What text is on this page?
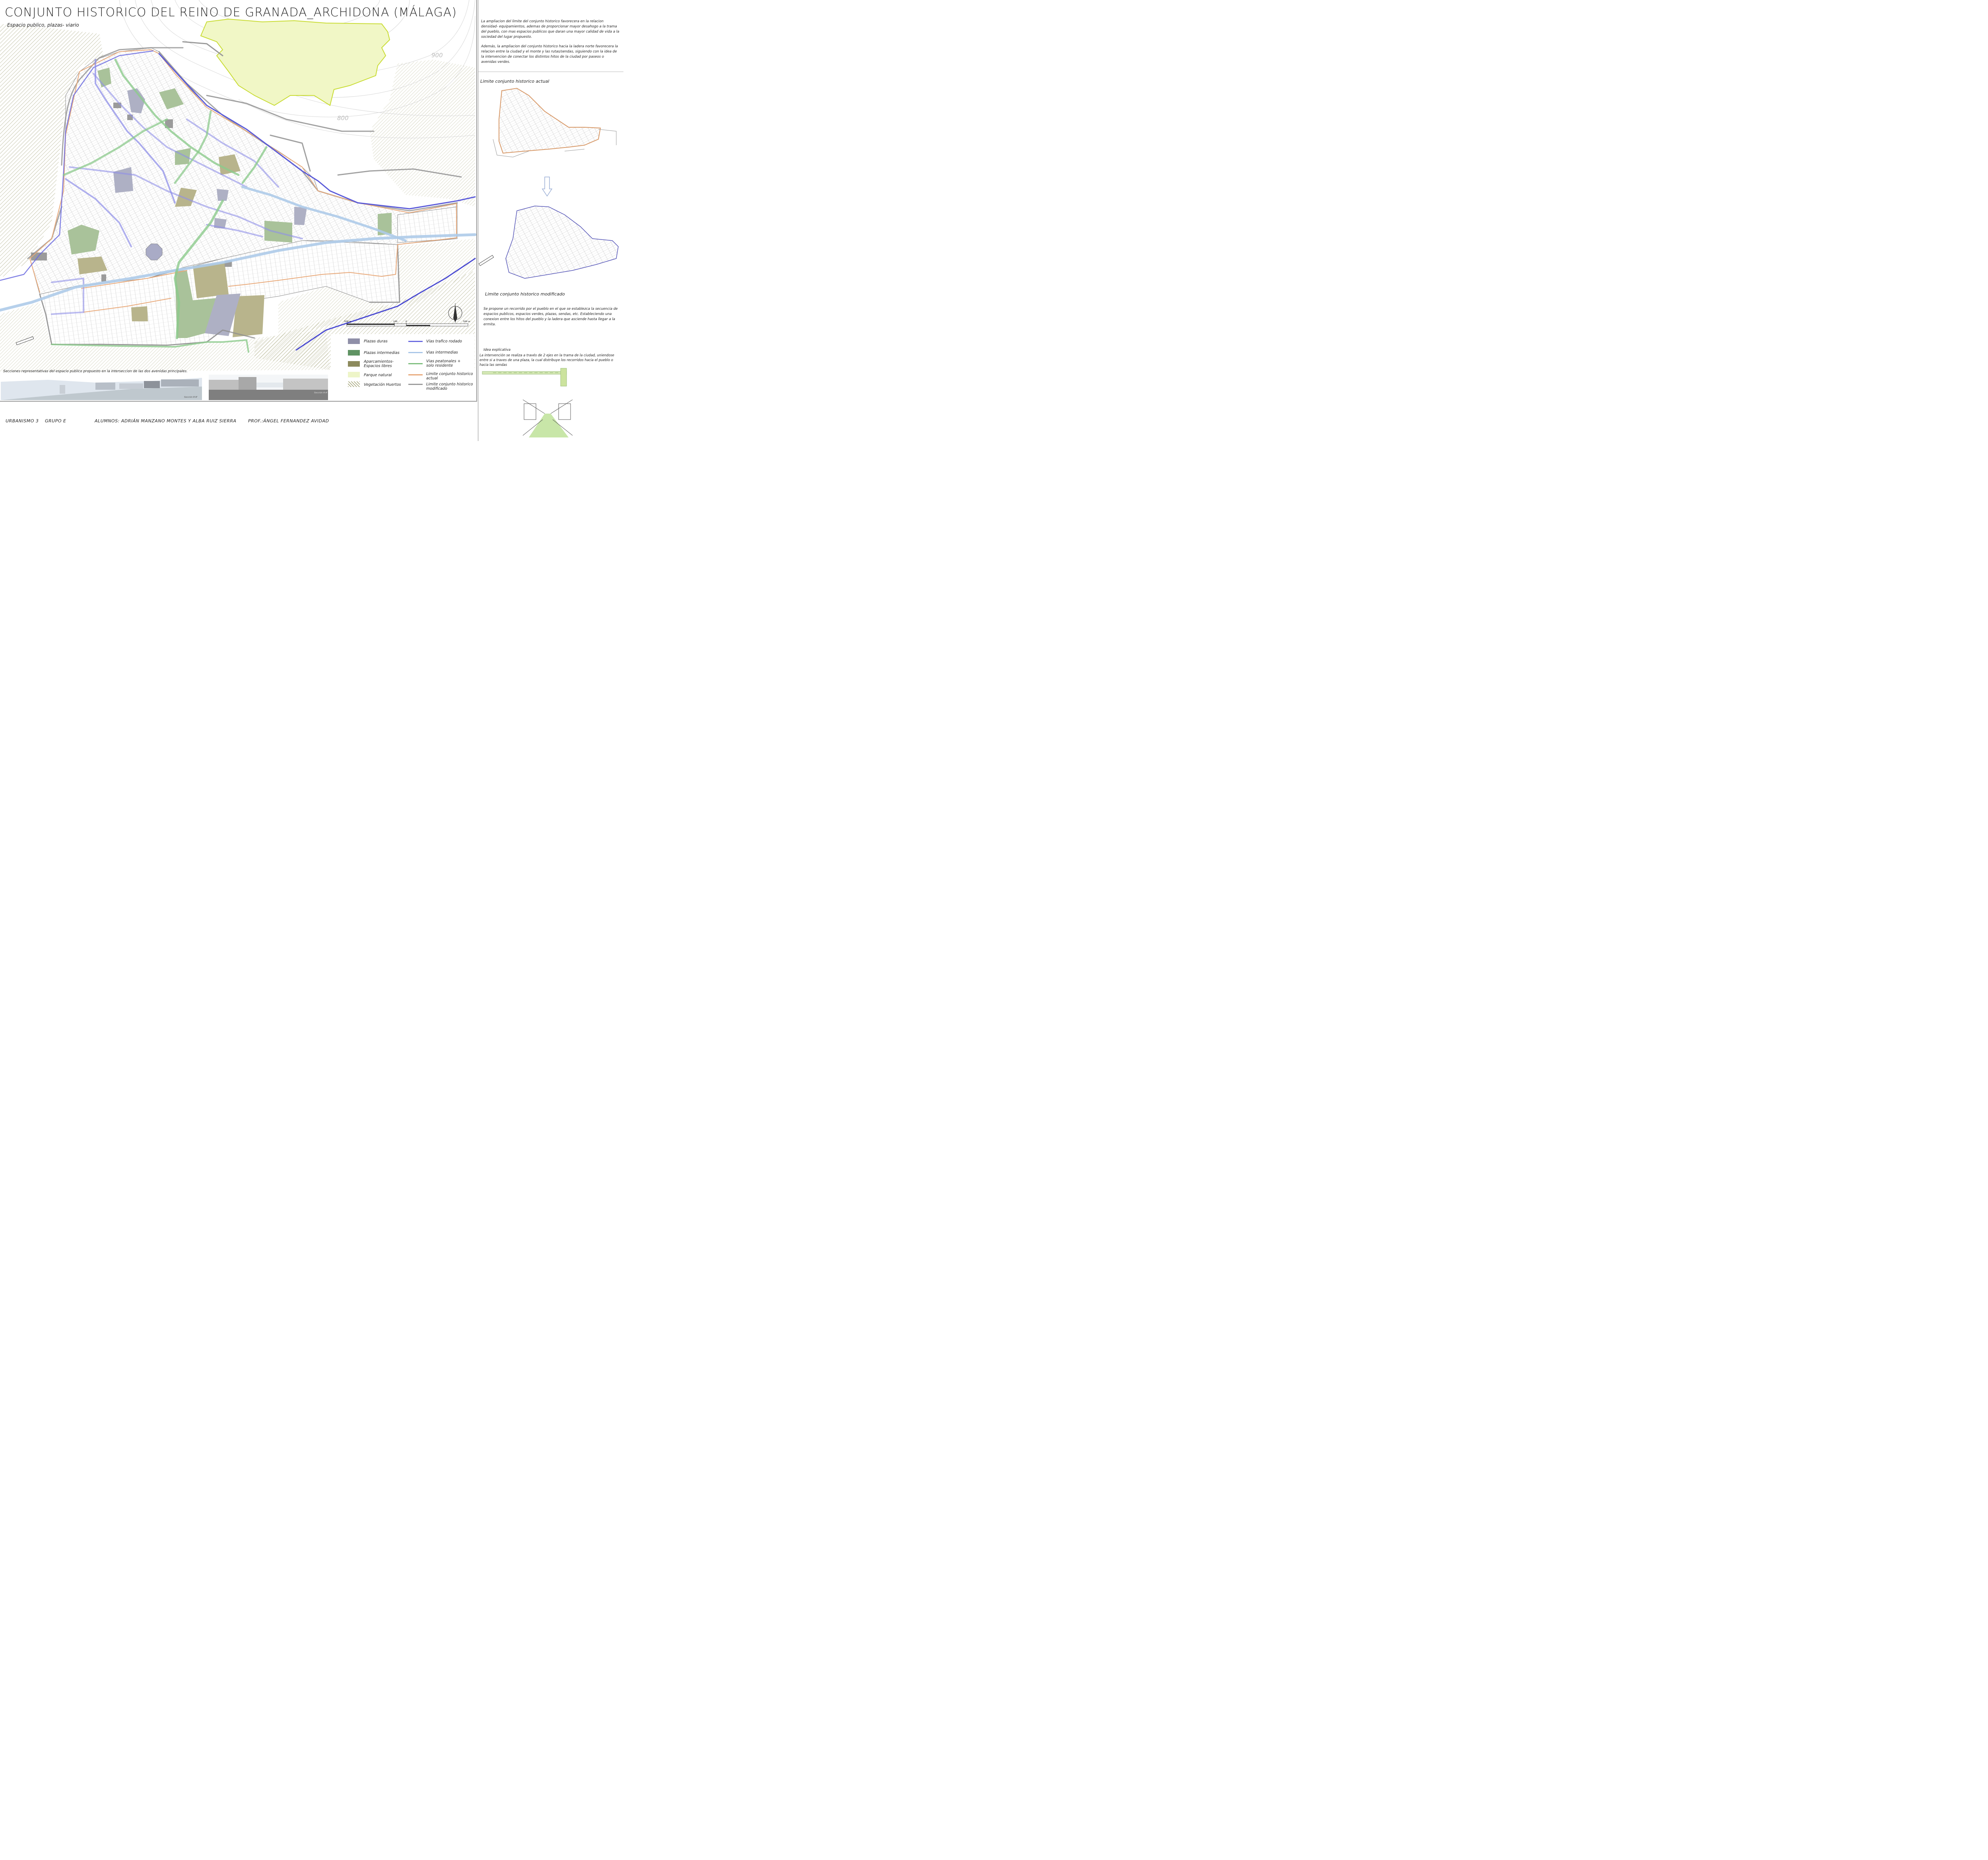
900
800
500 m	100	0	500 m
Sección B-B'
Sección A-A'
CONJUNTO HISTORICO DEL REINO DE GRANADA_ARCHIDONA (MÁLAGA)
Espacio publico, plazas- viario
La ampliacion del limite del conjunto historico favorecera en la relacion densidad- equipamientos, ademas de proporcionar mayor desahogo a la trama del pueblo, con mas espacios publicos que daran una mayor calidad de vida a la sociedad del lugar propuesto.
Además, la ampliacion del conjunto historico hacia la ladera norte favorecera la relacion entre la ciudad y el monte y las rutas/sendas, siguiendo con la idea de la intervencion de conectar los distintos hitos de la ciudad por paseos o avenidas verdes.
Limite conjunto historico actual
Limite conjunto historico modificado
Se propone un recorrido por el pueblo en el que se establezca la secuencia de espacios publicos, espacios verdes, plazas, sendas, etc. Estableciendo una conexion entre los hitos del pueblo y la ladera que asciende hasta llegar a la ermita.
Idea explicativa
La intervención se realiza a través de 2 ejes en la trama de la ciudad, uniendose entre si a traves de una plaza, la cual distribuye los recorridos hacia el pueblo o hacia las sendas
Secciones representativas del espacio publico propuesto en la interseccion de las dos avenidas principales.
Plazas duras
Plazas intermedias
Aparcamientos- Espacios libres
Parque natural
Vegetación Huertos
Vías trafico rodado
Vias intermedias
Vias peatonales + solo residente
Limite conjunto historico actual
Limite conjunto historico modificado
URBANISMO 3 GRUPO E	ALUMNOS: ADRIÁN MANZANO MONTES Y ALBA RUIZ SIERRA	PROF.:ÁNGEL FERNANDEZ AVIDAD
